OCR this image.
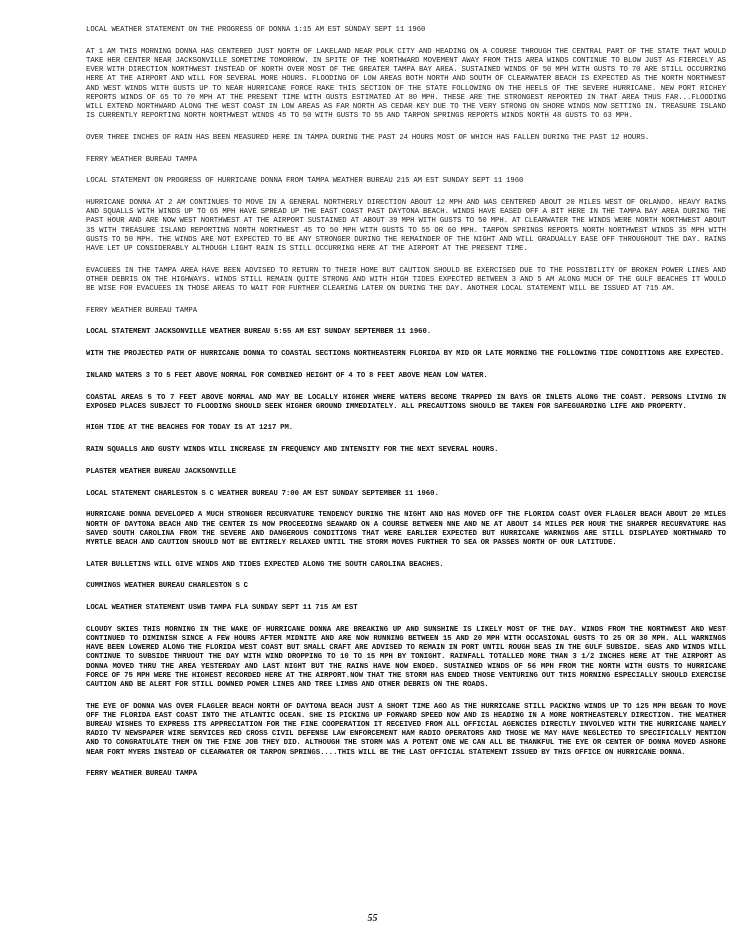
LOCAL WEATHER STATEMENT ON THE PROGRESS OF DONNA 1:15 AM EST SUNDAY SEPT 11 1960
AT 1 AM THIS MORNING DONNA HAS CENTERED JUST NORTH OF LAKELAND NEAR POLK CITY AND HEADING ON A COURSE THROUGH THE CENTRAL PART OF THE STATE THAT WOULD TAKE HER CENTER NEAR JACKSONVILLE SOMETIME TOMORROW. IN SPITE OF THE NORTHWARD MOVEMENT AWAY FROM THIS AREA WINDS CONTINUE TO BLOW JUST AS FIERCELY AS EVER WITH DIRECTION NORTHWEST INSTEAD OF NORTH OVER MOST OF THE GREATER TAMPA BAY AREA. SUSTAINED WINDS OF 50 MPH WITH GUSTS TO 70 ARE STILL OCCURRING HERE AT THE AIRPORT AND WILL FOR SEVERAL MORE HOURS. FLOODING OF LOW AREAS BOTH NORTH AND SOUTH OF CLEARWATER BEACH IS EXPECTED AS THE NORTH NORTHWEST AND WEST WINDS WITH GUSTS UP TO NEAR HURRICANE FORCE RAKE THIS SECTION OF THE STATE FOLLOWING ON THE HEELS OF THE SEVERE HURRICANE. NEW PORT RICHEY REPORTS WINDS OF 65 TO 70 MPH AT THE PRESENT TIME WITH GUSTS ESTIMATED AT 80 MPH. THESE ARE THE STRONGEST REPORTED IN THAT AREA THUS FAR...FLOODING WILL EXTEND NORTHWARD ALONG THE WEST COAST IN LOW AREAS AS FAR NORTH AS CEDAR KEY DUE TO THE VERY STRONG ON SHORE WINDS NOW SETTING IN. TREASURE ISLAND IS CURRENTLY REPORTING NORTH NORTHWEST WINDS 45 TO 50 WITH GUSTS TO 55 AND TARPON SPRINGS REPORTS WINDS NORTH 48 GUSTS TO 63 MPH.
OVER THREE INCHES OF RAIN HAS BEEN MEASURED HERE IN TAMPA DURING THE PAST 24 HOURS MOST OF WHICH HAS FALLEN DURING THE PAST 12 HOURS.
FERRY WEATHER BUREAU TAMPA
LOCAL STATEMENT ON PROGRESS OF HURRICANE DONNA FROM TAMPA WEATHER BUREAU 215 AM EST SUNDAY SEPT 11 1960
HURRICANE DONNA AT 2 AM CONTINUES TO MOVE IN A GENERAL NORTHERLY DIRECTION ABOUT 12 MPH AND WAS CENTERED ABOUT 20 MILES WEST OF ORLANDO. HEAVY RAINS AND SQUALLS WITH WINDS UP TO 65 MPH HAVE SPREAD UP THE EAST COAST PAST DAYTONA BEACH. WINDS HAVE EASED OFF A BIT HERE IN THE TAMPA BAY AREA DURING THE PAST HOUR AND ARE NOW WEST NORTHWEST AT THE AIRPORT SUSTAINED AT ABOUT 39 MPH WITH GUSTS TO 50 MPH. AT CLEARWATER THE WINDS WERE NORTH NORTHWEST ABOUT 35 WITH TREASURE ISLAND REPORTING NORTH NORTHWEST 45 TO 50 MPH WITH GUSTS TO 55 OR 60 MPH. TARPON SPRINGS REPORTS NORTH NORTHWEST WINDS 35 MPH WITH GUSTS TO 50 MPH. THE WINDS ARE NOT EXPECTED TO BE ANY STRONGER DURING THE REMAINDER OF THE NIGHT AND WILL GRADUALLY EASE OFF THROUGHOUT THE DAY. RAINS HAVE LET UP CONSIDERABLY ALTHOUGH LIGHT RAIN IS STILL OCCURRING HERE AT THE AIRPORT AT THE PRESENT TIME.
EVACUEES IN THE TAMPA AREA HAVE BEEN ADVISED TO RETURN TO THEIR HOME BUT CAUTION SHOULD BE EXERCISED DUE TO THE POSSIBILITY OF BROKEN POWER LINES AND OTHER DEBRIS ON THE HIGHWAYS. WINDS STILL REMAIN QUITE STRONG AND WITH HIGH TIDES EXPECTED BETWEEN 3 AND 5 AM ALONG MUCH OF THE GULF BEACHES IT WOULD BE WISE FOR EVACUEES IN THOSE AREAS TO WAIT FOR FURTHER CLEARING LATER ON DURING THE DAY. ANOTHER LOCAL STATEMENT WILL BE ISSUED AT 715 AM.
FERRY WEATHER BUREAU TAMPA
LOCAL STATEMENT JACKSONVILLE WEATHER BUREAU 5:55 AM EST SUNDAY SEPTEMBER 11 1960.
WITH THE PROJECTED PATH OF HURRICANE DONNA TO COASTAL SECTIONS NORTHEASTERN FLORIDA BY MID OR LATE MORNING THE FOLLOWING TIDE CONDITIONS ARE EXPECTED.
INLAND WATERS 3 TO 5 FEET ABOVE NORMAL FOR COMBINED HEIGHT OF 4 TO 8 FEET ABOVE MEAN LOW WATER.
COASTAL AREAS 5 TO 7 FEET ABOVE NORMAL AND MAY BE LOCALLY HIGHER WHERE WATERS BECOME TRAPPED IN BAYS OR INLETS ALONG THE COAST. PERSONS LIVING IN EXPOSED PLACES SUBJECT TO FLOODING SHOULD SEEK HIGHER GROUND IMMEDIATELY. ALL PRECAUTIONS SHOULD BE TAKEN FOR SAFEGUARDING LIFE AND PROPERTY.
HIGH TIDE AT THE BEACHES FOR TODAY IS AT 1217 PM.
RAIN SQUALLS AND GUSTY WINDS WILL INCREASE IN FREQUENCY AND INTENSITY FOR THE NEXT SEVERAL HOURS.
PLASTER WEATHER BUREAU JACKSONVILLE
LOCAL STATEMENT CHARLESTON S C WEATHER BUREAU 7:00 AM EST SUNDAY SEPTEMBER 11 1960.
HURRICANE DONNA DEVELOPED A MUCH STRONGER RECURVATURE TENDENCY DURING THE NIGHT AND HAS MOVED OFF THE FLORIDA COAST OVER FLAGLER BEACH ABOUT 20 MILES NORTH OF DAYTONA BEACH AND THE CENTER IS NOW PROCEEDING SEAWARD ON A COURSE BETWEEN NNE AND NE AT ABOUT 14 MILES PER HOUR THE SHARPER RECURVATURE HAS SAVED SOUTH CAROLINA FROM THE SEVERE AND DANGEROUS CONDITIONS THAT WERE EARLIER EXPECTED BUT HURRICANE WARNINGS ARE STILL DISPLAYED NORTHWARD TO MYRTLE BEACH AND CAUTION SHOULD NOT BE ENTIRELY RELAXED UNTIL THE STORM MOVES FURTHER TO SEA OR PASSES NORTH OF OUR LATITUDE.
LATER BULLETINS WILL GIVE WINDS AND TIDES EXPECTED ALONG THE SOUTH CAROLINA BEACHES.
CUMMINGS WEATHER BUREAU CHARLESTON S C
LOCAL WEATHER STATEMENT USWB TAMPA FLA SUNDAY SEPT 11 715 AM EST
CLOUDY SKIES THIS MORNING IN THE WAKE OF HURRICANE DONNA ARE BREAKING UP AND SUNSHINE IS LIKELY MOST OF THE DAY. WINDS FROM THE NORTHWEST AND WEST CONTINUED TO DIMINISH SINCE A FEW HOURS AFTER MIDNITE AND ARE NOW RUNNING BETWEEN 15 AND 20 MPH WITH OCCASIONAL GUSTS TO 25 OR 30 MPH. ALL WARNINGS HAVE BEEN LOWERED ALONG THE FLORIDA WEST COAST BUT SMALL CRAFT ARE ADVISED TO REMAIN IN PORT UNTIL ROUGH SEAS IN THE GULF SUBSIDE. SEAS AND WINDS WILL CONTINUE TO SUBSIDE THRUOUT THE DAY WITH WIND DROPPING TO 10 TO 15 MPH BY TONIGHT. RAINFALL TOTALLED MORE THAN 3 1/2 INCHES HERE AT THE AIRPORT AS DONNA MOVED THRU THE AREA YESTERDAY AND LAST NIGHT BUT THE RAINS HAVE NOW ENDED. SUSTAINED WINDS OF 56 MPH FROM THE NORTH WITH GUSTS TO HURRICANE FORCE OF 75 MPH WERE THE HIGHEST RECORDED HERE AT THE AIRPORT.NOW THAT THE STORM HAS ENDED THOSE VENTURING OUT THIS MORNING ESPECIALLY SHOULD EXERCISE CAUTION AND BE ALERT FOR STILL DOWNED POWER LINES AND TREE LIMBS AND OTHER DEBRIS ON THE ROADS.
THE EYE OF DONNA WAS OVER FLAGLER BEACH NORTH OF DAYTONA BEACH JUST A SHORT TIME AGO AS THE HURRICANE STILL PACKING WINDS UP TO 125 MPH BEGAN TO MOVE OFF THE FLORIDA EAST COAST INTO THE ATLANTIC OCEAN. SHE IS PICKING UP FORWARD SPEED NOW AND IS HEADING IN A MORE NORTHEASTERLY DIRECTION. THE WEATHER BUREAU WISHES TO EXPRESS ITS APPRECIATION FOR THE FINE COOPERATION IT RECEIVED FROM ALL OFFICIAL AGENCIES DIRECTLY INVOLVED WITH THE HURRICANE NAMELY RADIO TV NEWSPAPER WIRE SERVICES RED CROSS CIVIL DEFENSE LAW ENFORCEMENT HAM RADIO OPERATORS AND THOSE WE MAY HAVE NEGLECTED TO SPECIFICALLY MENTION AND TO CONGRATULATE THEM ON THE FINE JOB THEY DID. ALTHOUGH THE STORM WAS A POTENT ONE WE CAN ALL BE THANKFUL THE EYE OR CENTER OF DONNA MOVED ASHORE NEAR FORT MYERS INSTEAD OF CLEARWATER OR TARPON SPRINGS....THIS WILL BE THE LAST OFFICIAL STATEMENT ISSUED BY THIS OFFICE ON HURRICANE DONNA.
FERRY WEATHER BUREAU TAMPA
55
